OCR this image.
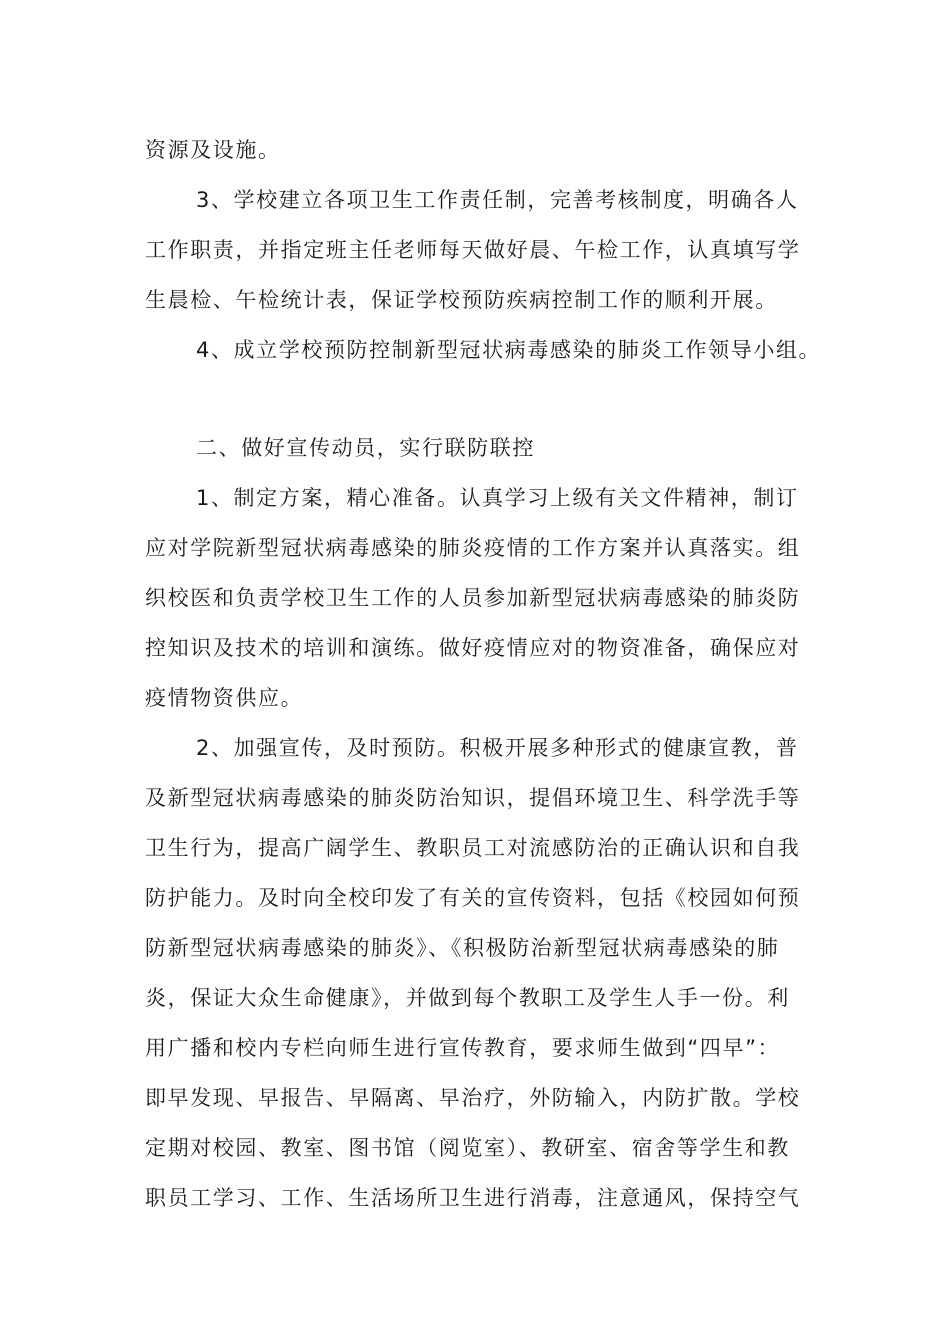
资源及设施。
3、学校建立各项卫生工作责任制，完善考核制度，明确各人
工作职责，并指定班主任老师每天做好晨、午检工作，认真填写学
生晨检、午检统计表，保证学校预防疾病控制工作的顺利开展。
4、成立学校预防控制新型冠状病毒感染的肺炎工作领导小组。
二、做好宣传动员，实行联防联控
1、制定方案，精心准备。认真学习上级有关文件精神，制订
应对学院新型冠状病毒感染的肺炎疫情的工作方案并认真落实。组
织校医和负责学校卫生工作的人员参加新型冠状病毒感染的肺炎防
控知识及技术的培训和演练。做好疫情应对的物资准备，确保应对
疫情物资供应。
2、加强宣传，及时预防。积极开展多种形式的健康宣教，普
及新型冠状病毒感染的肺炎防治知识，提倡环境卫生、科学洗手等
卫生行为，提高广阔学生、教职员工对流感防治的正确认识和自我
防护能力。及时向全校印发了有关的宣传资料，包括《校园如何预
防新型冠状病毒感染的肺炎》、《积极防治新型冠状病毒感染的肺
炎，保证大众生命健康》，并做到每个教职工及学生人手一份。利
用广播和校内专栏向师生进行宣传教育，要求师生做到“四早”：
即早发现、早报告、早隔离、早治疗，外防输入，内防扩散。学校
定期对校园、教室、图书馆（阅览室）、教研室、宿舍等学生和教
职员工学习、工作、生活场所卫生进行消毒，注意通风，保持空气
